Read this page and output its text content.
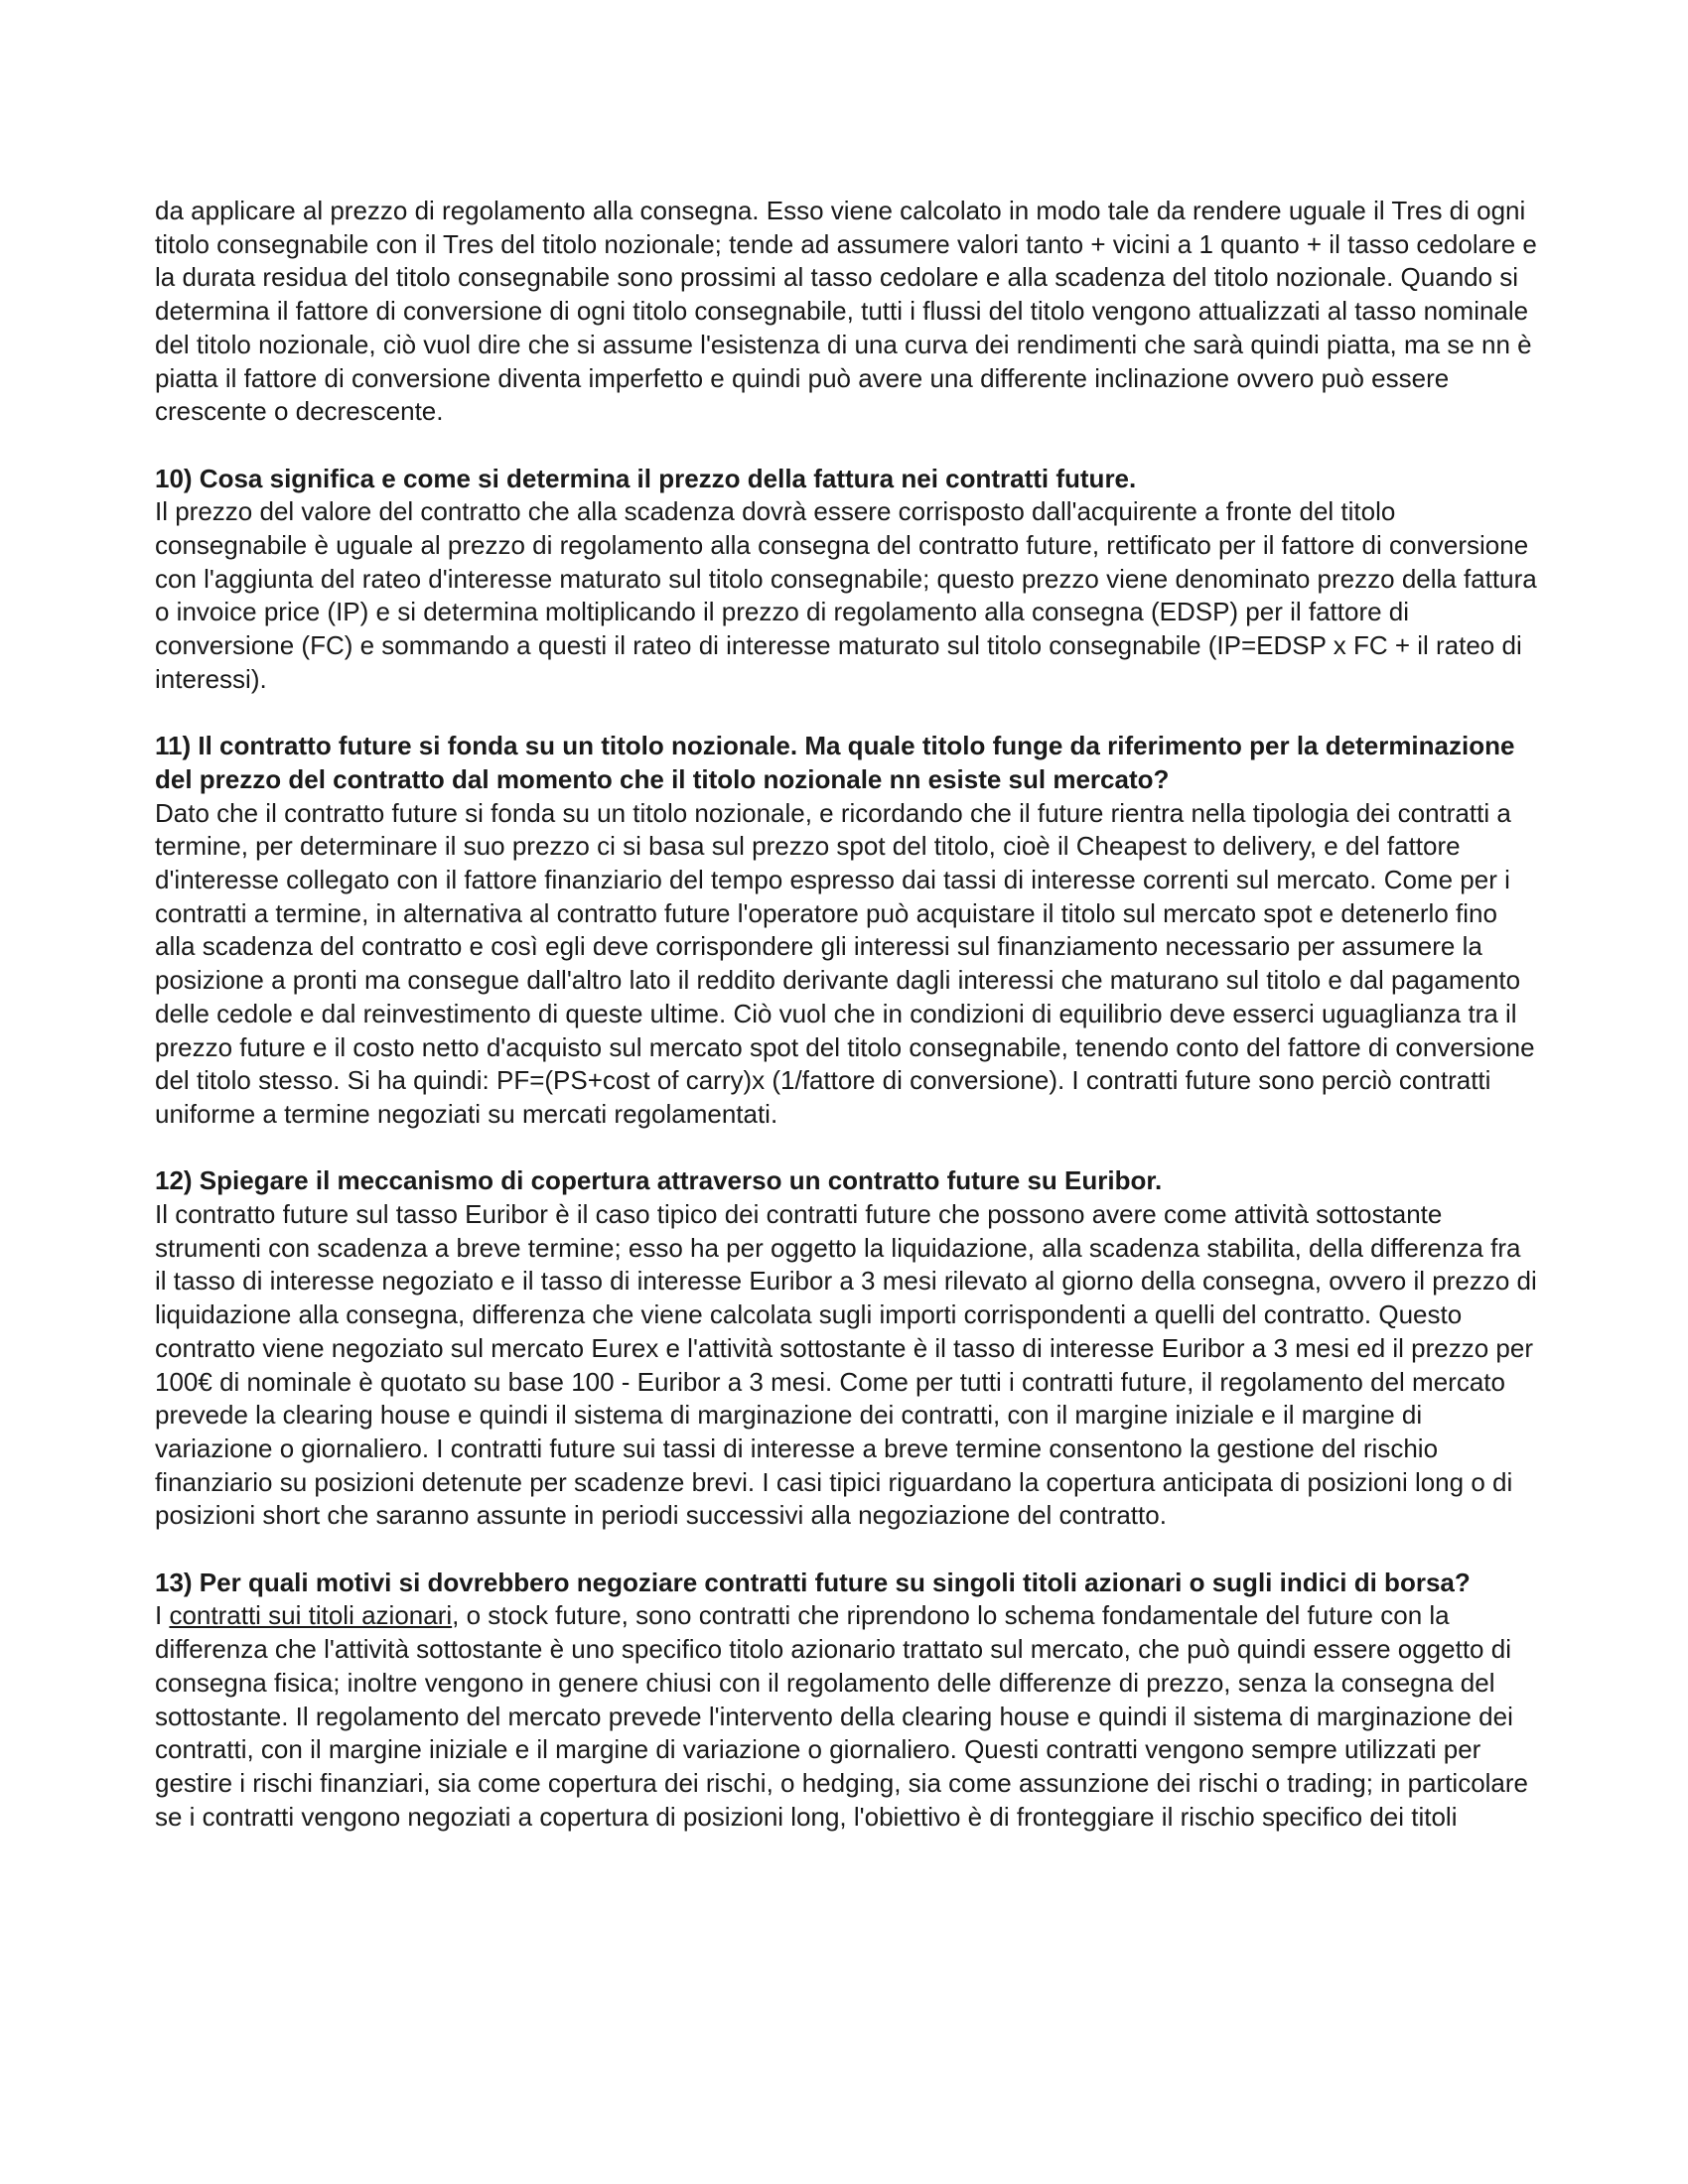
da applicare al prezzo di regolamento alla consegna. Esso viene calcolato in modo tale da rendere uguale il Tres di ogni titolo consegnabile con il Tres del titolo nozionale; tende ad assumere valori tanto + vicini a 1 quanto + il tasso cedolare e la durata residua del titolo consegnabile sono prossimi al tasso cedolare e alla scadenza del titolo nozionale. Quando si determina il fattore di conversione di ogni titolo consegnabile, tutti i flussi del titolo vengono attualizzati al tasso nominale del titolo nozionale, ciò vuol dire che si assume l'esistenza di una curva dei rendimenti che sarà quindi piatta, ma se nn è piatta il fattore di conversione diventa imperfetto e quindi può avere una differente inclinazione ovvero può essere crescente o decrescente.

10) Cosa significa e come si determina il prezzo della fattura nei contratti future.

Il prezzo del valore del contratto che alla scadenza dovrà essere corrisposto dall'acquirente a fronte del titolo consegnabile è uguale al prezzo di regolamento alla consegna del contratto future, rettificato per il fattore di conversione con l'aggiunta del rateo d'interesse maturato sul titolo consegnabile; questo prezzo viene denominato prezzo della fattura o invoice price (IP) e si determina moltiplicando il prezzo di regolamento alla consegna (EDSP) per il fattore di conversione (FC) e sommando a questi il rateo di interesse maturato sul titolo consegnabile (IP=EDSP x FC + il rateo di interessi).

11) Il contratto future si fonda su un titolo nozionale. Ma quale titolo funge da riferimento per la determinazione del prezzo del contratto dal momento che il titolo nozionale nn esiste sul mercato?

Dato che il contratto future si fonda su un titolo nozionale, e ricordando che il future rientra nella tipologia dei contratti a termine, per determinare il suo prezzo ci si basa sul prezzo spot del titolo, cioè il Cheapest to delivery, e del fattore d'interesse collegato con il fattore finanziario del tempo espresso dai tassi di interesse correnti sul mercato. Come per i contratti a termine, in alternativa al contratto future l'operatore può acquistare il titolo sul mercato spot e detenerlo fino alla scadenza del contratto e così egli deve corrispondere gli interessi sul finanziamento necessario per assumere la posizione a pronti ma consegue dall'altro lato il reddito derivante dagli interessi che maturano sul titolo e dal pagamento delle cedole e dal reinvestimento di queste ultime. Ciò vuol che in condizioni di equilibrio deve esserci uguaglianza tra il prezzo future e il costo netto d'acquisto sul mercato spot del titolo consegnabile, tenendo conto del fattore di conversione del titolo stesso. Si ha quindi: PF=(PS+cost of carry)x (1/fattore di conversione). I contratti future sono perciò contratti uniforme a termine negoziati su mercati regolamentati.

12) Spiegare il meccanismo di copertura attraverso un contratto future su Euribor.

Il contratto future sul tasso Euribor è il caso tipico dei contratti future che possono avere come attività sottostante strumenti con scadenza a breve termine; esso ha per oggetto la liquidazione, alla scadenza stabilita, della differenza fra il tasso di interesse negoziato e il tasso di interesse Euribor a 3 mesi rilevato al giorno della consegna, ovvero il prezzo di liquidazione alla consegna, differenza che viene calcolata sugli importi corrispondenti a quelli del contratto. Questo contratto viene negoziato sul mercato Eurex e l'attività sottostante è il tasso di interesse Euribor a 3 mesi ed il prezzo per 100€ di nominale è quotato su base 100 - Euribor a 3 mesi. Come per tutti i contratti future, il regolamento del mercato prevede la clearing house e quindi il sistema di marginazione dei contratti, con il margine iniziale e il margine di variazione o giornaliero. I contratti future sui tassi di interesse a breve termine consentono la gestione del rischio finanziario su posizioni detenute per scadenze brevi. I casi tipici riguardano la copertura anticipata di posizioni long o di posizioni short che saranno assunte in periodi successivi alla negoziazione del contratto.

13) Per quali motivi si dovrebbero negoziare contratti future su singoli titoli azionari o sugli indici di borsa?

I contratti sui titoli azionari, o stock future, sono contratti che riprendono lo schema fondamentale del future con la differenza che l'attività sottostante è uno specifico titolo azionario trattato sul mercato, che può quindi essere oggetto di consegna fisica; inoltre vengono in genere chiusi con il regolamento delle differenze di prezzo, senza la consegna del sottostante. Il regolamento del mercato prevede l'intervento della clearing house e quindi il sistema di marginazione dei contratti, con il margine iniziale e il margine di variazione o giornaliero. Questi contratti vengono sempre utilizzati per gestire i rischi finanziari, sia come copertura dei rischi, o hedging, sia come assunzione dei rischi o trading; in particolare se i contratti vengono negoziati a copertura di posizioni long, l'obiettivo è di fronteggiare il rischio specifico dei titoli
